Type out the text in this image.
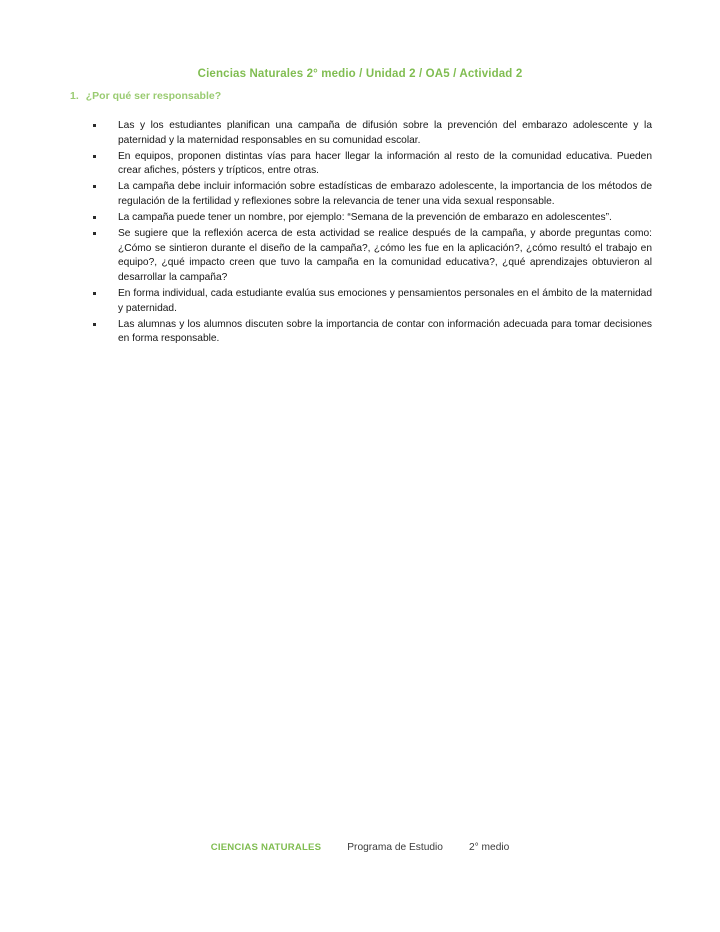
Ciencias Naturales 2° medio / Unidad 2 / OA5 / Actividad 2
1. ¿Por qué ser responsable?
Las y los estudiantes planifican una campaña de difusión sobre la prevención del embarazo adolescente y la paternidad y la maternidad responsables en su comunidad escolar.
En equipos, proponen distintas vías para hacer llegar la información al resto de la comunidad educativa. Pueden crear afiches, pósters y trípticos, entre otras.
La campaña debe incluir información sobre estadísticas de embarazo adolescente, la importancia de los métodos de regulación de la fertilidad y reflexiones sobre la relevancia de tener una vida sexual responsable.
La campaña puede tener un nombre, por ejemplo: “Semana de la prevención de embarazo en adolescentes”.
Se sugiere que la reflexión acerca de esta actividad se realice después de la campaña, y aborde preguntas como: ¿Cómo se sintieron durante el diseño de la campaña?, ¿cómo les fue en la aplicación?, ¿cómo resultó el trabajo en equipo?, ¿qué impacto creen que tuvo la campaña en la comunidad educativa?, ¿qué aprendizajes obtuvieron al desarrollar la campaña?
En forma individual, cada estudiante evalúa sus emociones y pensamientos personales en el ámbito de la maternidad y paternidad.
Las alumnas y los alumnos discuten sobre la importancia de contar con información adecuada para tomar decisiones en forma responsable.
CIENCIAS NATURALES	Programa de Estudio	2° medio
